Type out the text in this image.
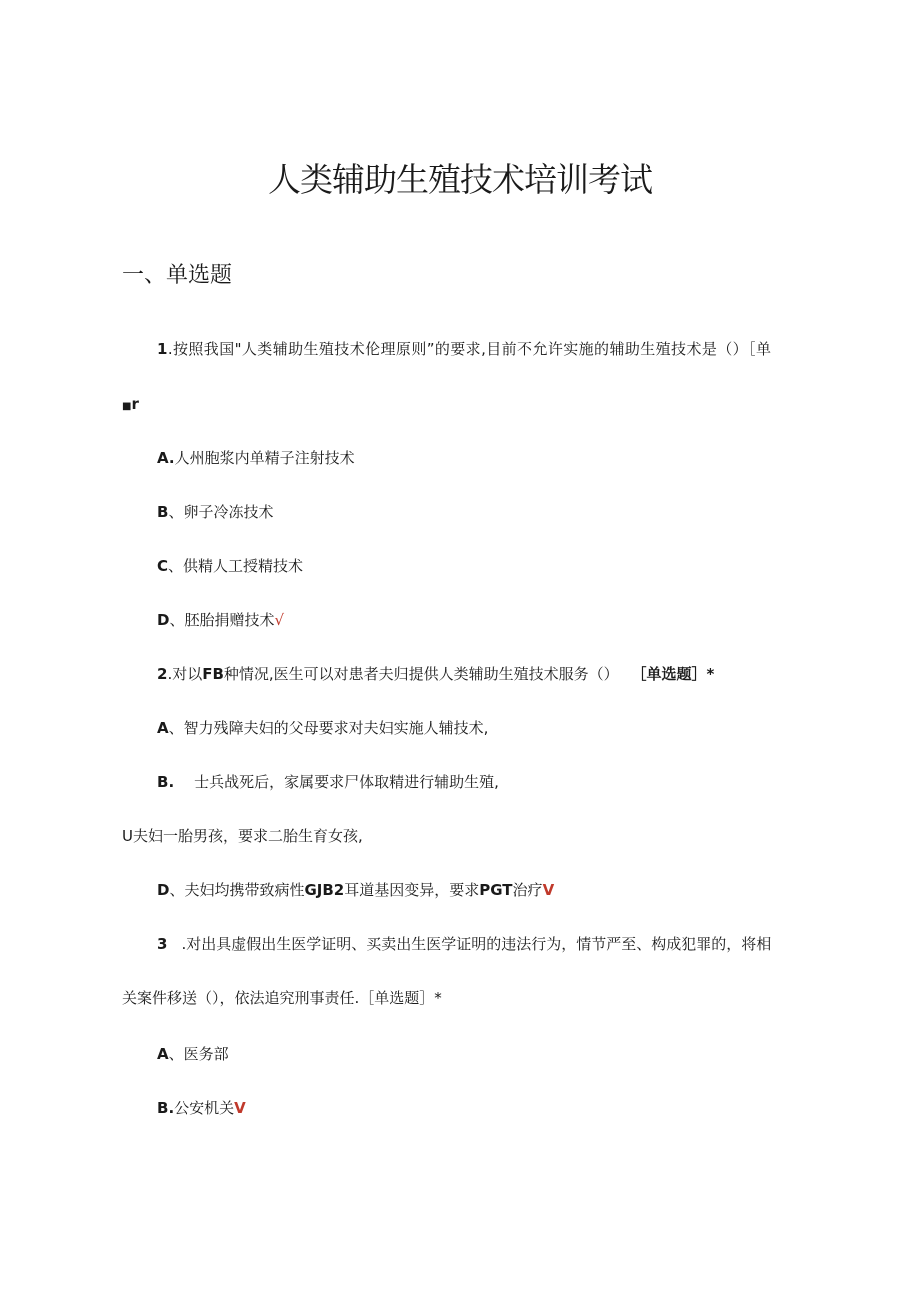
人类辅助生殖技术培训考试
一、单选题
1.按照我国"人类辅助生殖技术伦理原则”的要求,目前不允许实施的辅助生殖技术是（）［单
■r
A.人州胞浆内单精子注射技术
B、卵子冷冻技术
C、供精人工授精技术
D、胚胎捐赠技术√
2.对以FB种情况,医生可以对患者夫归提供人类辅助生殖技术服务（） ［单选题］*
A、智力残障夫妇的父母要求对夫妇实施人辅技术,
B. 士兵战死后，家属要求尸体取精进行辅助生殖,
U夫妇一胎男孩，要求二胎生育女孩,
D、夫妇均携带致病性GJB2耳道基因变异，要求PGT治疗V
3 .对出具虚假出生医学证明、买卖出生医学证明的违法行为，情节严至、构成犯罪的，将相
关案件移送（），依法追究刑事责任.［单选题］*
A、医务部
B.公安机关V
